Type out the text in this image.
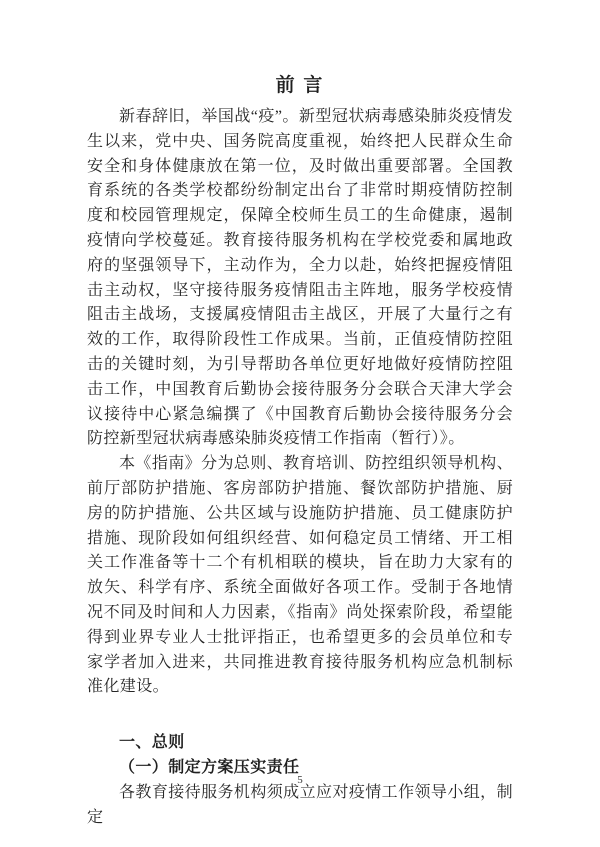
前 言

新春辞旧，举国战“疫”。新型冠状病毒感染肺炎疫情发生以来，党中央、国务院高度重视，始终把人民群众生命安全和身体健康放在第一位，及时做出重要部署。全国教育系统的各类学校都纷纷制定出台了非常时期疫情防控制度和校园管理规定，保障全校师生员工的生命健康，遏制疫情向学校蔓延。教育接待服务机构在学校党委和属地政府的坚强领导下，主动作为，全力以赴，始终把握疫情阻击主动权，坚守接待服务疫情阻击主阵地，服务学校疫情阻击主战场，支援属疫情阻击主战区，开展了大量行之有效的工作，取得阶段性工作成果。当前，正值疫情防控阻击的关键时刻，为引导帮助各单位更好地做好疫情防控阻击工作，中国教育后勤协会接待服务分会联合天津大学会议接待中心紧急编撰了《中国教育后勤协会接待服务分会防控新型冠状病毒感染肺炎疫情工作指南（暂行）》。

本《指南》分为总则、教育培训、防控组织领导机构、前厅部防护措施、客房部防护措施、餐饮部防护措施、厨房的防护措施、公共区域与设施防护措施、员工健康防护措施、现阶段如何组织经营、如何稳定员工情绪、开工相关工作准备等十二个有机相联的模块，旨在助力大家有的放矢、科学有序、系统全面做好各项工作。受制于各地情况不同及时间和人力因素，《指南》尚处探索阶段，希望能得到业界专业人士批评指正，也希望更多的会员单位和专家学者加入进来，共同推进教育接待服务机构应急机制标准化建设。

一、总则
（一）制定方案压实责任

各教育接待服务机构须成立应对疫情工作领导小组，制定

5
